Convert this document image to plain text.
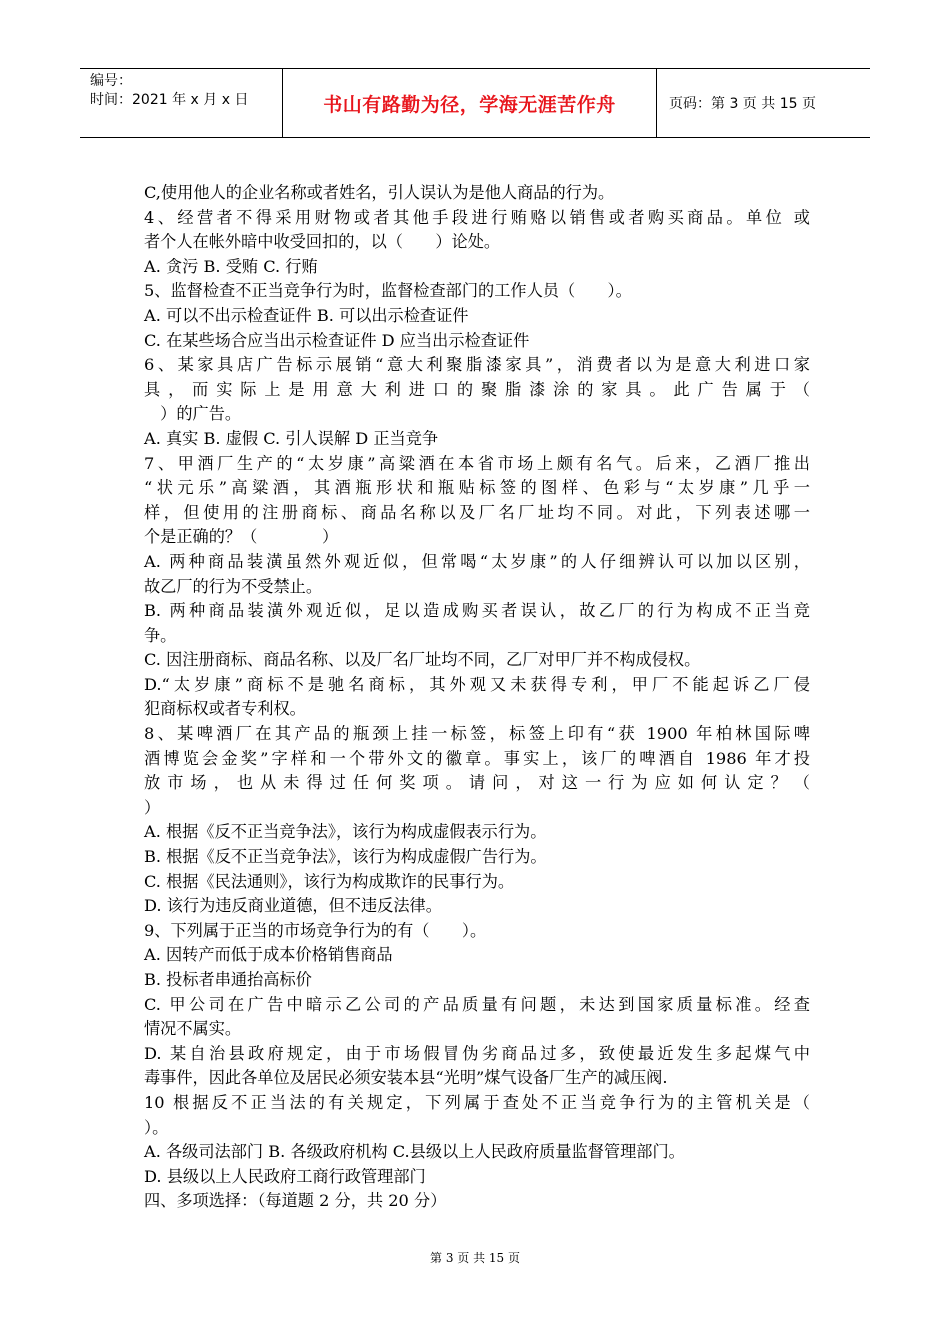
编号：
时间：2021 年 x 月 x 日	书山有路勤为径，学海无涯苦作舟	页码：第 3 页 共 15 页
C,使用他人的企业名称或者姓名，引人误认为是他人商品的行为。
4、经营者不得采用财物或者其他手段进行贿赂以销售或者购买商品。单位 或
者个人在帐外暗中收受回扣的，以（　　）论处。
A. 贪污 B. 受贿 C. 行贿
5、监督检查不正当竞争行为时，监督检查部门的工作人员（　　）。
A. 可以不出示检查证件 B. 可以出示检查证件
C. 在某些场合应当出示检查证件 D 应当出示检查证件
6、某家具店广告标示展销“意大利聚脂漆家具”，消费者以为是意大利进口家
具，而实际上是用意大利进口的聚脂漆涂的家具。此广告属于（
　）的广告。
A. 真实 B. 虚假 C. 引人误解 D 正当竞争
7、甲酒厂生产的“太岁康”高粱酒在本省市场上颇有名气。后来，乙酒厂推出
“状元乐”高粱酒，其酒瓶形状和瓶贴标签的图样、色彩与“太岁康”几乎一
样，但使用的注册商标、商品名称以及厂名厂址均不同。对此，下列表述哪一
个是正确的？（　　　　）
A. 两种商品装潢虽然外观近似，但常喝“太岁康”的人仔细辨认可以加以区别，
故乙厂的行为不受禁止。
B. 两种商品装潢外观近似，足以造成购买者误认，故乙厂的行为构成不正当竞
争。
C. 因注册商标、商品名称、以及厂名厂址均不同，乙厂对甲厂并不构成侵权。
D.“太岁康”商标不是驰名商标，其外观又未获得专利，甲厂不能起诉乙厂侵
犯商标权或者专利权。
8、某啤酒厂在其产品的瓶颈上挂一标签，标签上印有“获 1900 年柏林国际啤
酒博览会金奖”字样和一个带外文的徽章。事实上，该厂的啤酒自 1986 年才投
放市场，也从未得过任何奖项。请问，对这一行为应如何认定？（
）
A. 根据《反不正当竞争法》，该行为构成虚假表示行为。
B. 根据《反不正当竞争法》，该行为构成虚假广告行为。
C. 根据《民法通则》，该行为构成欺诈的民事行为。
D. 该行为违反商业道德，但不违反法律。
9、下列属于正当的市场竞争行为的有（　　）。
A. 因转产而低于成本价格销售商品
B. 投标者串通抬高标价
C. 甲公司在广告中暗示乙公司的产品质量有问题，未达到国家质量标准。经查
情况不属实。
D. 某自治县政府规定，由于市场假冒伪劣商品过多，致使最近发生多起煤气中
毒事件，因此各单位及居民必须安装本县“光明”煤气设备厂生产的减压阀.
10 根据反不正当法的有关规定，下列属于查处不正当竞争行为的主管机关是（
）。
A. 各级司法部门 B. 各级政府机构 C.县级以上人民政府质量监督管理部门。
D. 县级以上人民政府工商行政管理部门
四、多项选择：（每道题 2 分，共 20 分）
第 3 页 共 15 页
